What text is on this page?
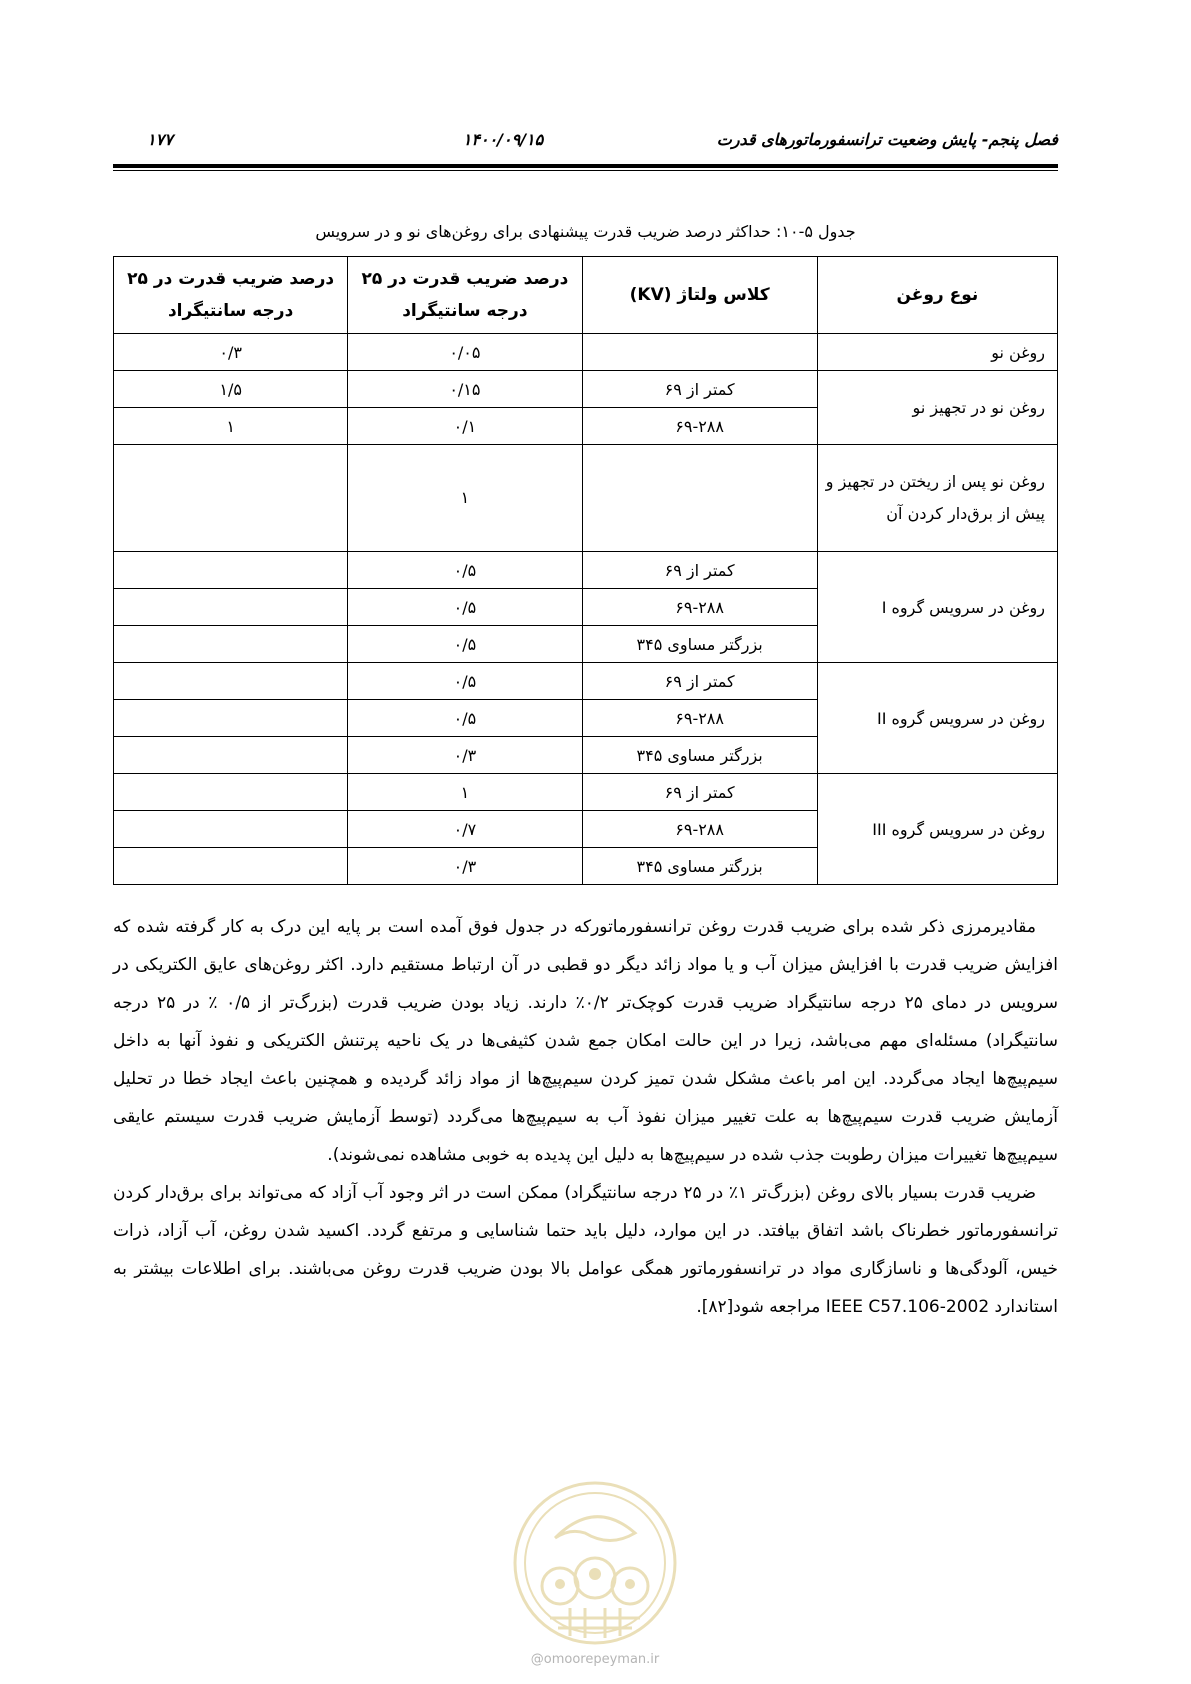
فصل پنجم- پایش وضعیت ترانسفورماتورهای قدرت
۱۴۰۰/۰۹/۱۵
۱۷۷
جدول ۵-۱۰: حداکثر درصد ضریب قدرت پیشنهادی برای روغن‌های نو و در سرویس
نوع روغن	کلاس ولتاژ (KV)	درصد ضریب قدرت در ۲۵ درجه سانتیگراد	درصد ضریب قدرت در ۲۵ درجه سانتیگراد
روغن نو		۰/۰۵	۰/۳
روغن نو در تجهیز نو	کمتر از ۶۹	۰/۱۵	۱/۵
	۶۹-۲۸۸	۰/۱	۱
روغن نو پس از ریختن در تجهیز و پیش از برق‌دار کردن آن		۱	
روغن در سرویس گروه I	کمتر از ۶۹	۰/۵	
	۶۹-۲۸۸	۰/۵	
	بزرگتر مساوی ۳۴۵	۰/۵	
روغن در سرویس گروه II	کمتر از ۶۹	۰/۵	
	۶۹-۲۸۸	۰/۵	
	بزرگتر مساوی ۳۴۵	۰/۳	
روغن در سرویس گروه III	کمتر از ۶۹	۱	
	۶۹-۲۸۸	۰/۷	
	بزرگتر مساوی ۳۴۵	۰/۳	

مقادیرمرزی ذکر شده برای ضریب قدرت روغن ترانسفورماتورکه در جدول فوق آمده است بر پایه این درک به کار گرفته شده که افزایش ضریب قدرت با افزایش میزان آب و یا مواد زائد دیگر دو قطبی در آن ارتباط مستقیم دارد. اکثر روغن‌های عایق الکتریکی در سرویس در دمای ۲۵ درجه سانتیگراد ضریب قدرت کوچک‌تر ۰/۲٪ دارند. زیاد بودن ضریب قدرت (بزرگ‌تر از ۰/۵ ٪ در ۲۵ درجه سانتیگراد) مسئله‌ای مهم می‌باشد، زیرا در این حالت امکان جمع شدن کثیفی‌ها در یک ناحیه پرتنش الکتریکی و نفوذ آنها به داخل سیم‌پیچ‌ها ایجاد می‌گردد. این امر باعث مشکل شدن تمیز کردن سیم‌پیچ‌ها از مواد زائد گردیده و همچنین باعث ایجاد خطا در تحلیل آزمایش ضریب قدرت سیم‌پیچ‌ها به علت تغییر میزان نفوذ آب به سیم‌پیچ‌ها می‌گردد (توسط آزمایش ضریب قدرت سیستم عایقی سیم‌پیچ‌ها تغییرات میزان رطوبت جذب شده در سیم‌پیچ‌ها به دلیل این پدیده به خوبی مشاهده نمی‌شوند).

ضریب قدرت بسیار بالای روغن (بزرگ‌تر ۱٪ در ۲۵ درجه سانتیگراد) ممکن است در اثر وجود آب آزاد که می‌تواند برای برق‌دار کردن ترانسفورماتور خطرناک باشد اتفاق بیافتد. در این موارد، دلیل باید حتما شناسایی و مرتفع گردد. اکسید شدن روغن، آب آزاد، ذرات خیس، آلودگی‌ها و ناسازگاری مواد در ترانسفورماتور همگی عوامل بالا بودن ضریب قدرت روغن می‌باشند. برای اطلاعات بیشتر به استاندارد IEEE C57.106-2002 مراجعه شود[۸۲].

@omoorepeyman.ir
